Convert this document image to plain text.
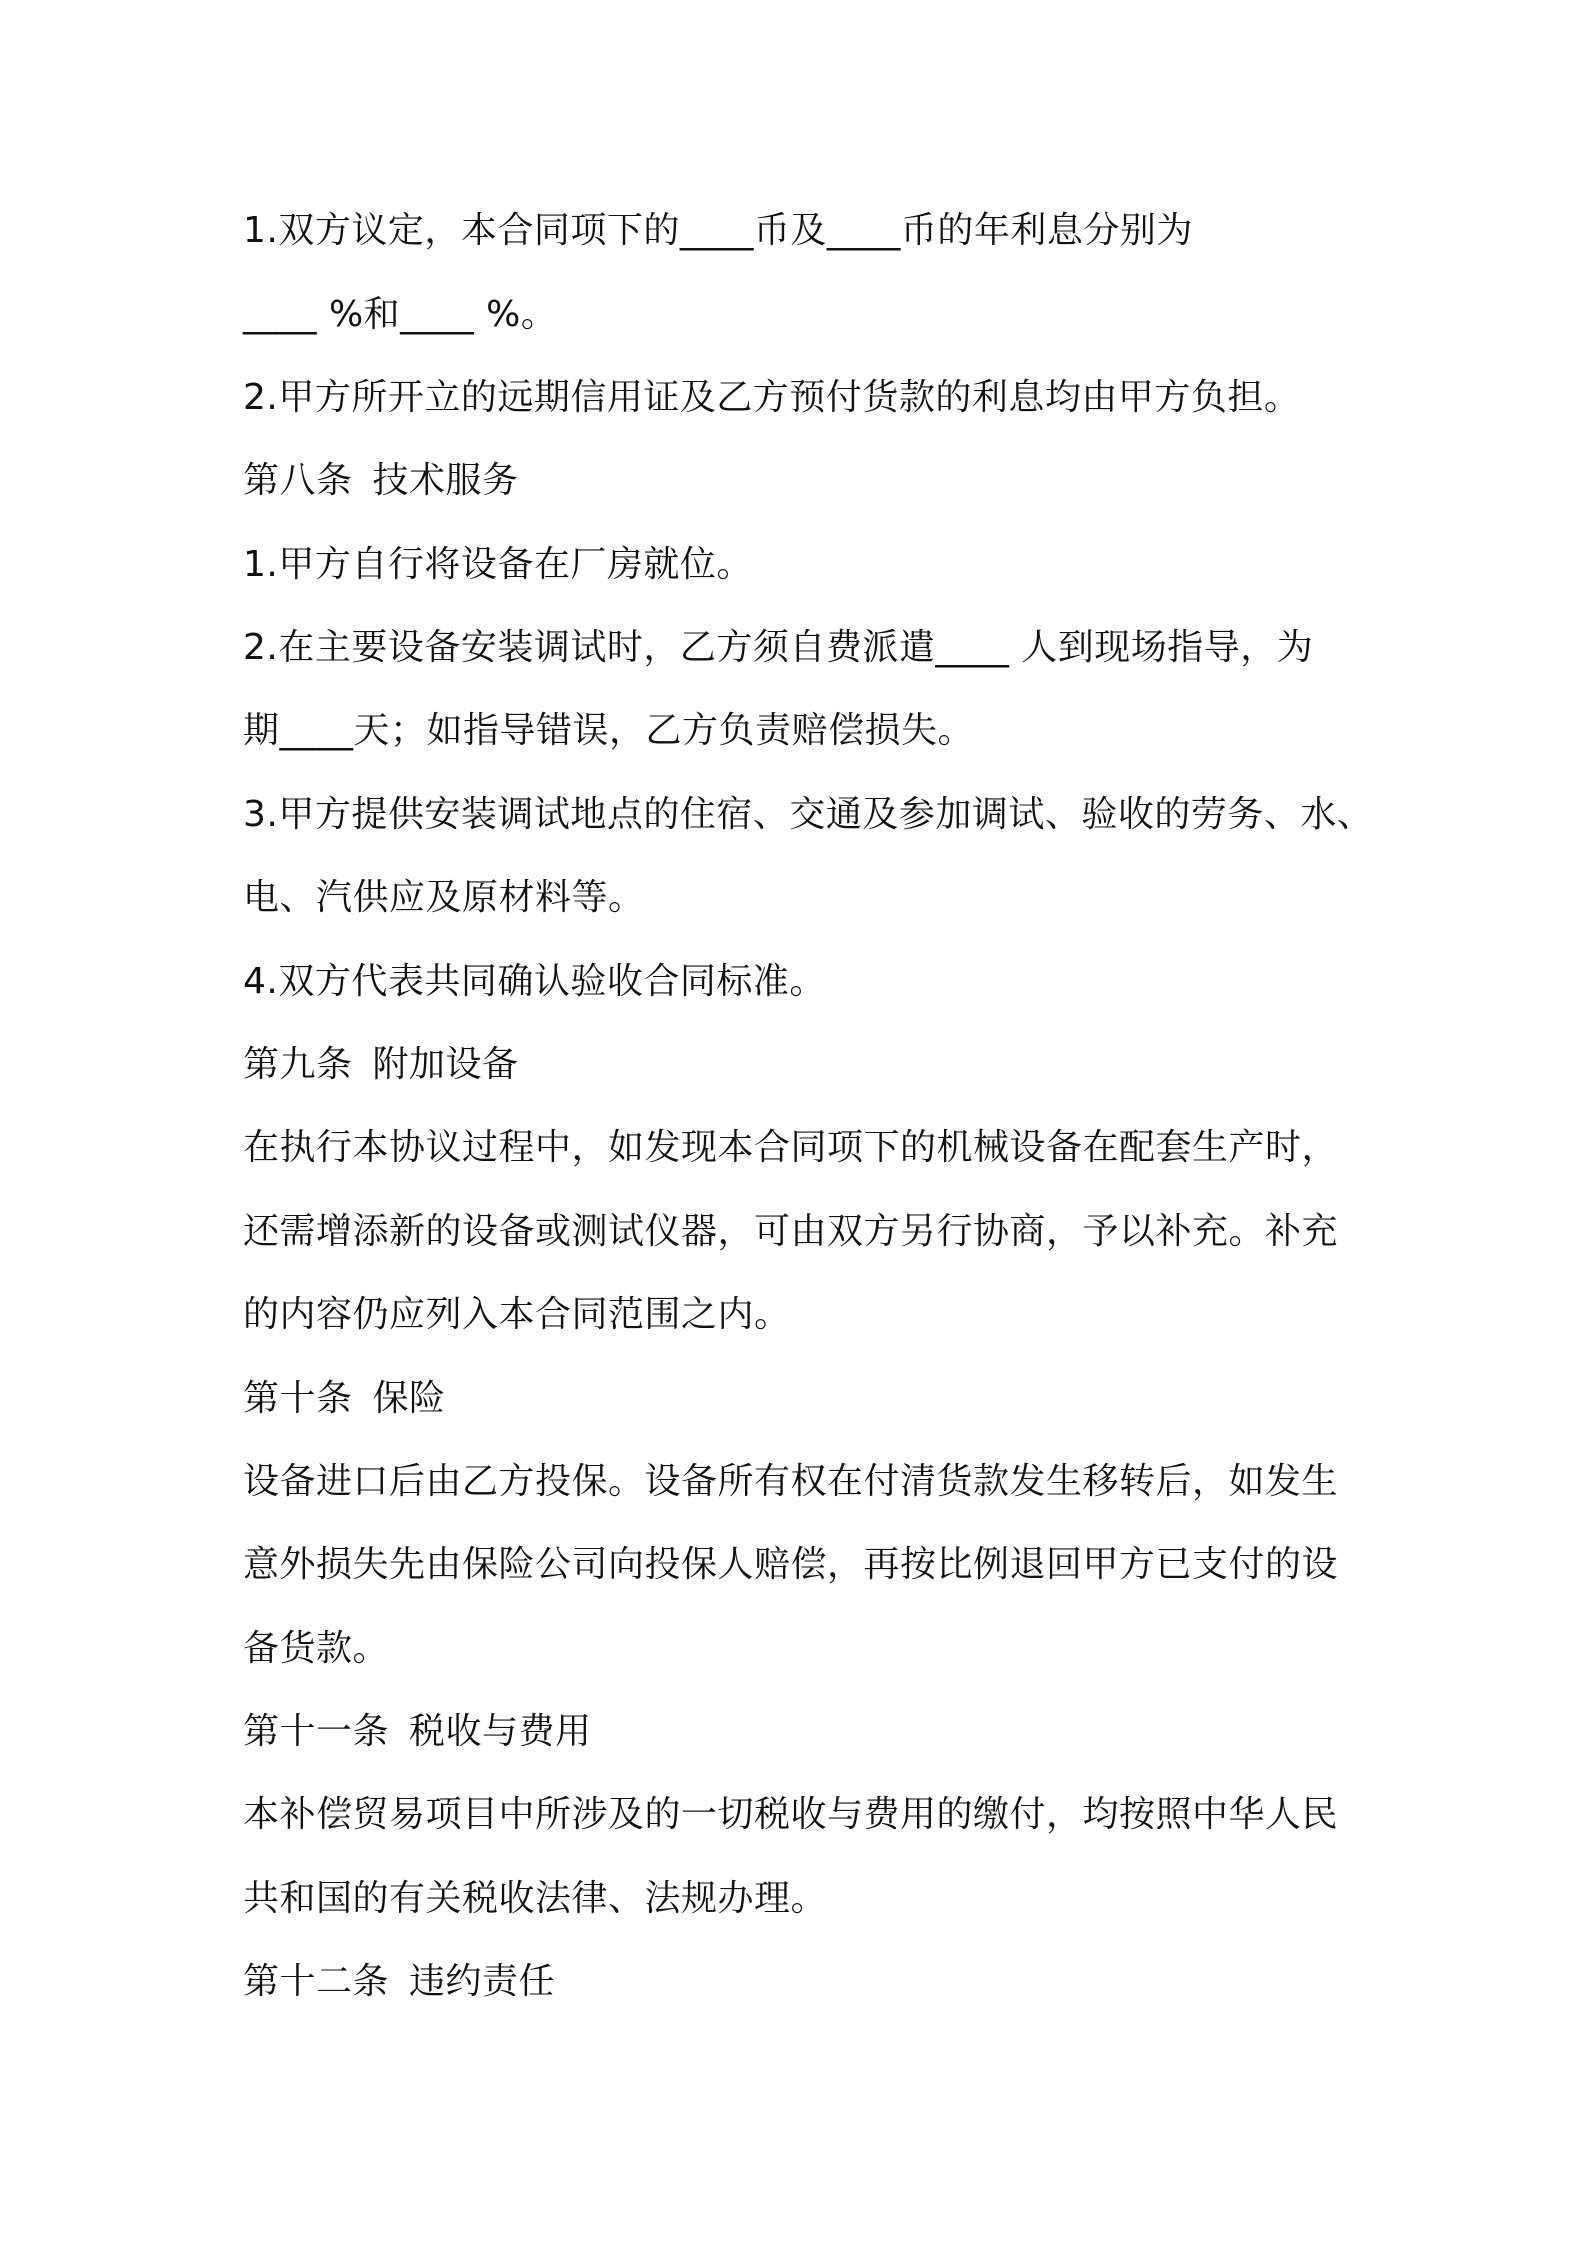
1.双方议定，本合同项下的____币及____币的年利息分别为
____ %和____ %。
2.甲方所开立的远期信用证及乙方预付货款的利息均由甲方负担。
第八条 技术服务
1.甲方自行将设备在厂房就位。
2.在主要设备安装调试时，乙方须自费派遣____ 人到现场指导，为
期____天；如指导错误，乙方负责赔偿损失。
3.甲方提供安装调试地点的住宿、交通及参加调试、验收的劳务、水、
电、汽供应及原材料等。
4.双方代表共同确认验收合同标准。
第九条 附加设备
在执行本协议过程中，如发现本合同项下的机械设备在配套生产时，
还需增添新的设备或测试仪器，可由双方另行协商，予以补充。补充
的内容仍应列入本合同范围之内。
第十条 保险
设备进口后由乙方投保。设备所有权在付清货款发生移转后，如发生
意外损失先由保险公司向投保人赔偿，再按比例退回甲方已支付的设
备货款。
第十一条 税收与费用
本补偿贸易项目中所涉及的一切税收与费用的缴付，均按照中华人民
共和国的有关税收法律、法规办理。
第十二条 违约责任
